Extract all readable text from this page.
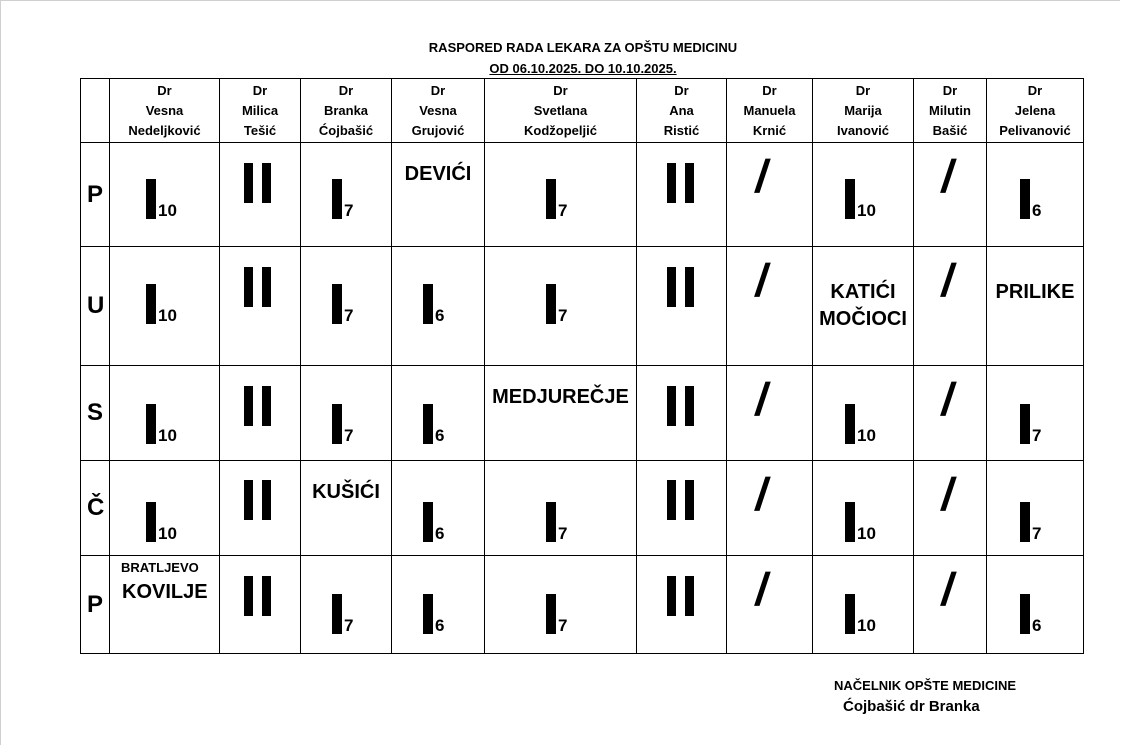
RASPORED RADA LEKARA ZA OPŠTU MEDICINU
OD 06.10.2025. DO 10.10.2025.

	Dr
Vesna
Nedeljković	Dr
Milica
Tešić	Dr
Branka
Ćojbašić	Dr
Vesna
Grujović	Dr
Svetlana
Kodžopeljić	Dr
Ana
Ristić	Dr
Manuela
Krnić	Dr
Marija
Ivanović	Dr
Milutin
Bašić	Dr
Jelena
Pelivanović

P	10		7	DEVIĆI	7		/	10	/	6

U	10		7	6	7		/	KATIĆI
MOČIOCI	/	PRILIKE

S	10		7	6	MEDJUREČJE		/	10	/	7

Č	10		KUŠIĆI	6	7		/	10	/	7

P	BRATLJEVO
KOVILJE		7	6	7		/	10	/	6
NAČELNIK OPŠTE MEDICINE
Ćojbašić dr Branka
